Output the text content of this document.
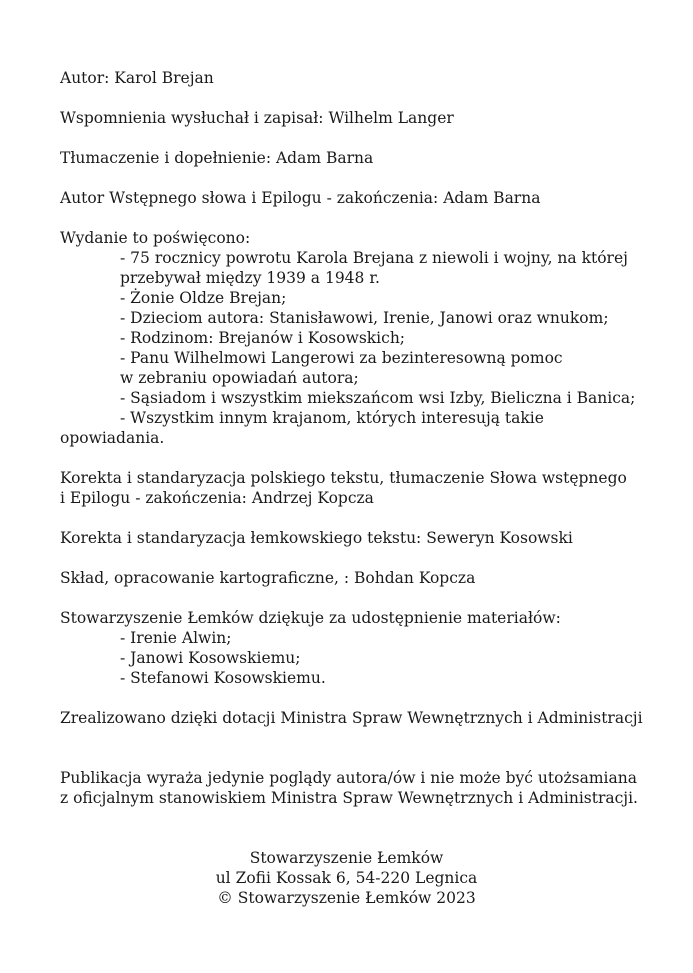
Autor: Karol Brejan
Wspomnienia wysłuchał i zapisał: Wilhelm Langer
Tłumaczenie i dopełnienie: Adam Barna
Autor Wstępnego słowa i Epilogu - zakończenia: Adam Barna
Wydanie to poświęcono:
- 75 rocznicy powrotu Karola Brejana z niewoli i wojny, na której
przebywał między 1939 a 1948 r.
- Żonie Oldze Brejan;
- Dzieciom autora: Stanisławowi, Irenie, Janowi oraz wnukom;
- Rodzinom: Brejanów i Kosowskich;
- Panu Wilhelmowi Langerowi za bezinteresowną pomoc
w zebraniu opowiadań autora;
- Sąsiadom i wszystkim miekszańcom wsi Izby, Bieliczna i Banica;
- Wszystkim innym krajanom, których interesują takie
opowiadania.
Korekta i standaryzacja polskiego tekstu, tłumaczenie Słowa wstępnego
i Epilogu - zakończenia: Andrzej Kopcza
Korekta i standaryzacja łemkowskiego tekstu: Seweryn Kosowski
Skład, opracowanie kartograficzne, : Bohdan Kopcza
Stowarzyszenie Łemków dziękuje za udostępnienie materiałów:
- Irenie Alwin;
- Janowi Kosowskiemu;
- Stefanowi Kosowskiemu.
Zrealizowano dzięki dotacji Ministra Spraw Wewnętrznych i Administracji
Publikacja wyraża jedynie poglądy autora/ów i nie może być utożsamiana
z oficjalnym stanowiskiem Ministra Spraw Wewnętrznych i Administracji.
Stowarzyszenie Łemków
ul Zofii Kossak 6, 54-220 Legnica
© Stowarzyszenie Łemków 2023
